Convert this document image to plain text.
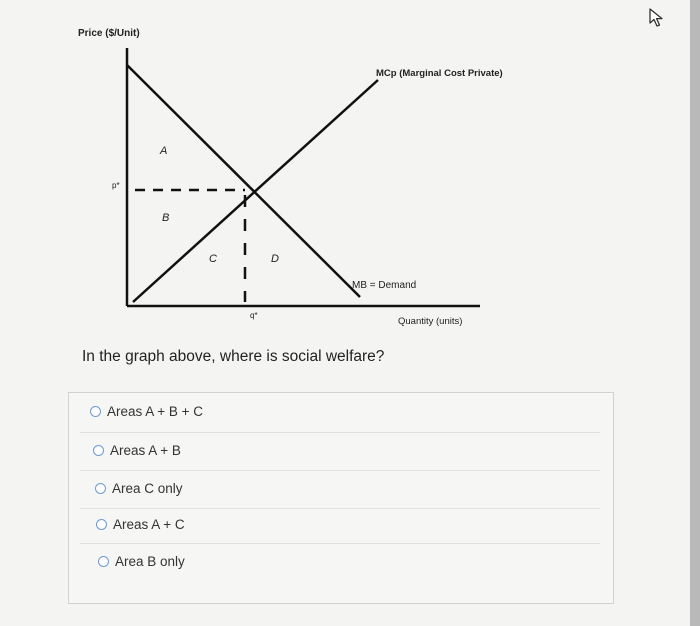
Price ($/Unit)
MCp (Marginal Cost Private)
MB = Demand
Quantity (units)
p*
q*
A
B
C	D

In the graph above, where is social welfare?

Areas A + B + C
Areas A + B
Area C only
Areas A + C
Area B only
